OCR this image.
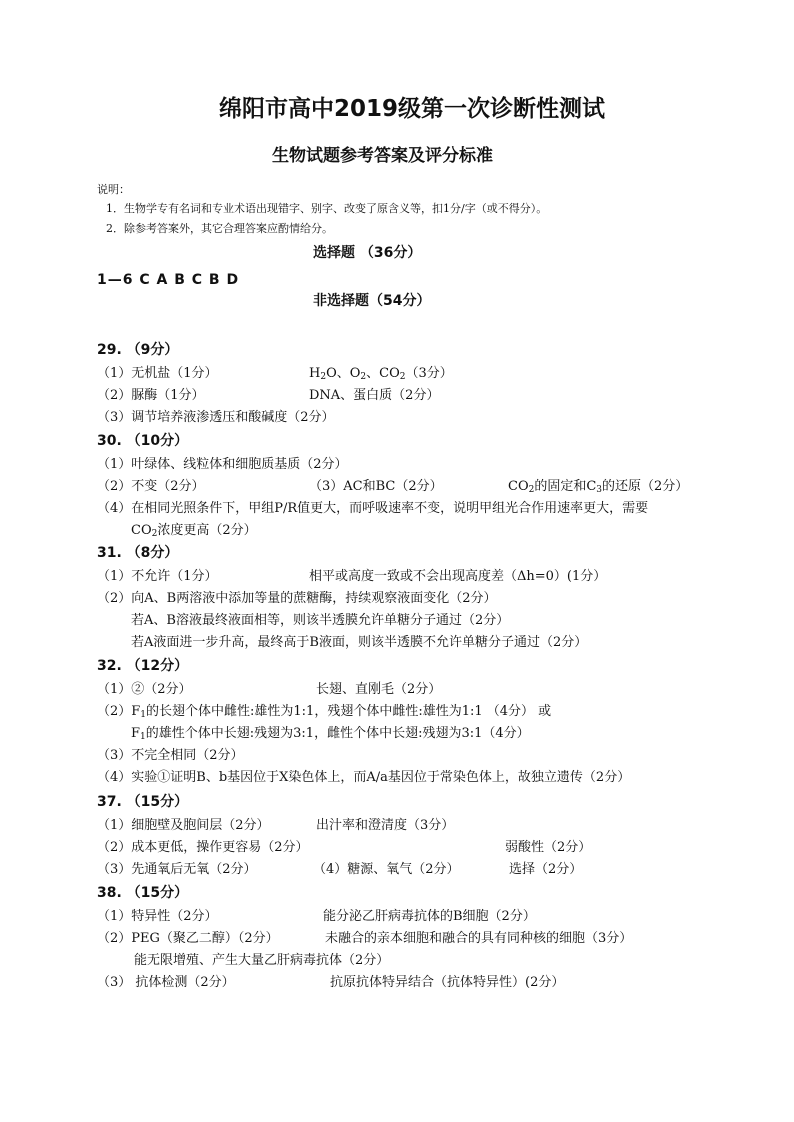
绵阳市高中2019级第一次诊断性测试
生物试题参考答案及评分标准
说明：
1．生物学专有名词和专业术语出现错字、别字、改变了原含义等，扣1分/字（或不得分）。
2．除参考答案外，其它合理答案应酌情给分。
选择题 （36分）
1—6 C A B C B D
非选择题（54分）
29. （9分）
（1）无机盐（1分）	$H_2O$、$O_2$、$CO_2(3$分）
（2）脲酶（1分）	DNA、蛋白质（2分）
（3）调节培养液渗透压和酸碱度（2分）
30. （10分）
（1）叶绿体、线粒体和细胞质基质（2分）
（2）不变（2分）	（3）AC和BC（2分）	$CO_2$的固定和$C_3$的还原（2分）
（4）在相同光照条件下，甲组P/R值更大，而呼吸速率不变，说明甲组光合作用速率更大，需要
$CO_2$浓度更高（2分）
31. （8分）
（1）不允许（1分）	相平或高度一致或不会出现高度差（Δh=0）(1分）
（2）向A、B两溶液中添加等量的蔗糖酶，持续观察液面变化（2分）
若A、B溶液最终液面相等，则该半透膜允许单糖分子通过（2分）
若A液面进一步升高，最终高于B液面，则该半透膜不允许单糖分子通过（2分）
32. （12分）
（1）②（2分）	长翅、直刚毛（2分）
$(2)F_1$的长翅个体中雌性:雄性为1:1，残翅个体中雌性:雄性为1:1 （4分） 或
$F_1$的雄性个体中长翅:残翅为3:1，雌性个体中长翅:残翅为3:1（4分）
（3）不完全相同（2分）
（4）实验①证明B、b基因位于X染色体上，而A/a基因位于常染色体上，故独立遗传（2分）
37. （15分）
（1）细胞壁及胞间层（2分）	出汁率和澄清度（3分）
（2）成本更低，操作更容易（2分）	弱酸性（2分）
（3）先通氧后无氧（2分）	（4）糖源、氧气（2分）	选择（2分）
38. （15分）
（1）特异性（2分）	能分泌乙肝病毒抗体的B细胞（2分）
（2）PEG（聚乙二醇）（2分）	未融合的亲本细胞和融合的具有同种核的细胞（3分）
能无限增殖、产生大量乙肝病毒抗体（2分）
（3） 抗体检测（2分）	抗原抗体特异结合（抗体特异性）(2分）
